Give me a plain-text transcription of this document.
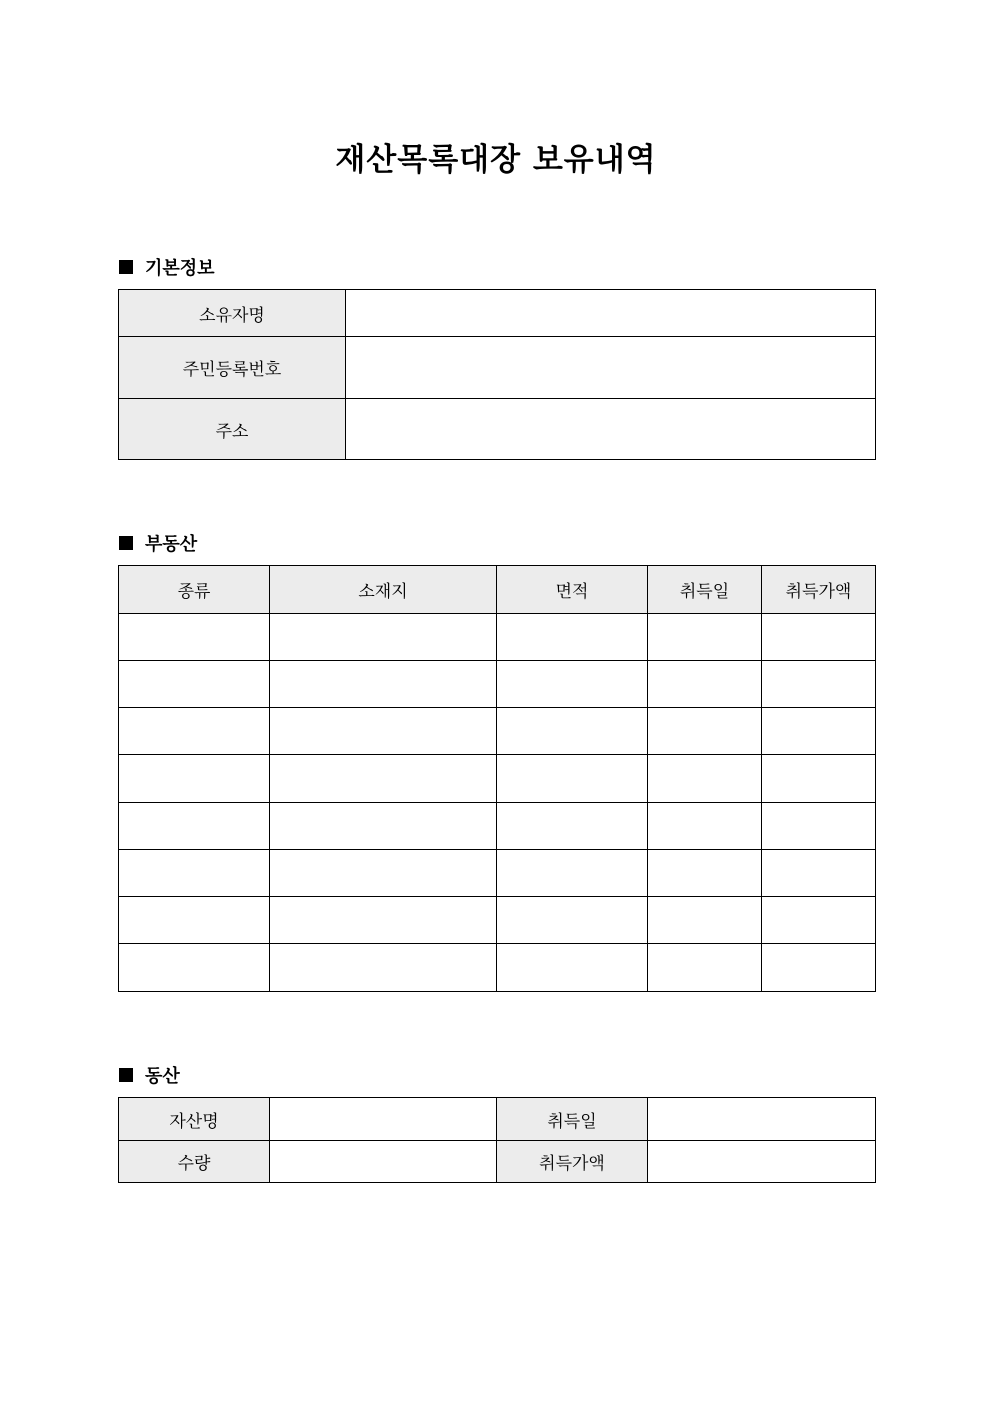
재산목록대장 보유내역
기본정보
소유자명	
주민등록번호	
주소	
부동산
종류	소재지	면적	취득일	취득가액

동산
자산명		취득일	
수량		취득가액	
